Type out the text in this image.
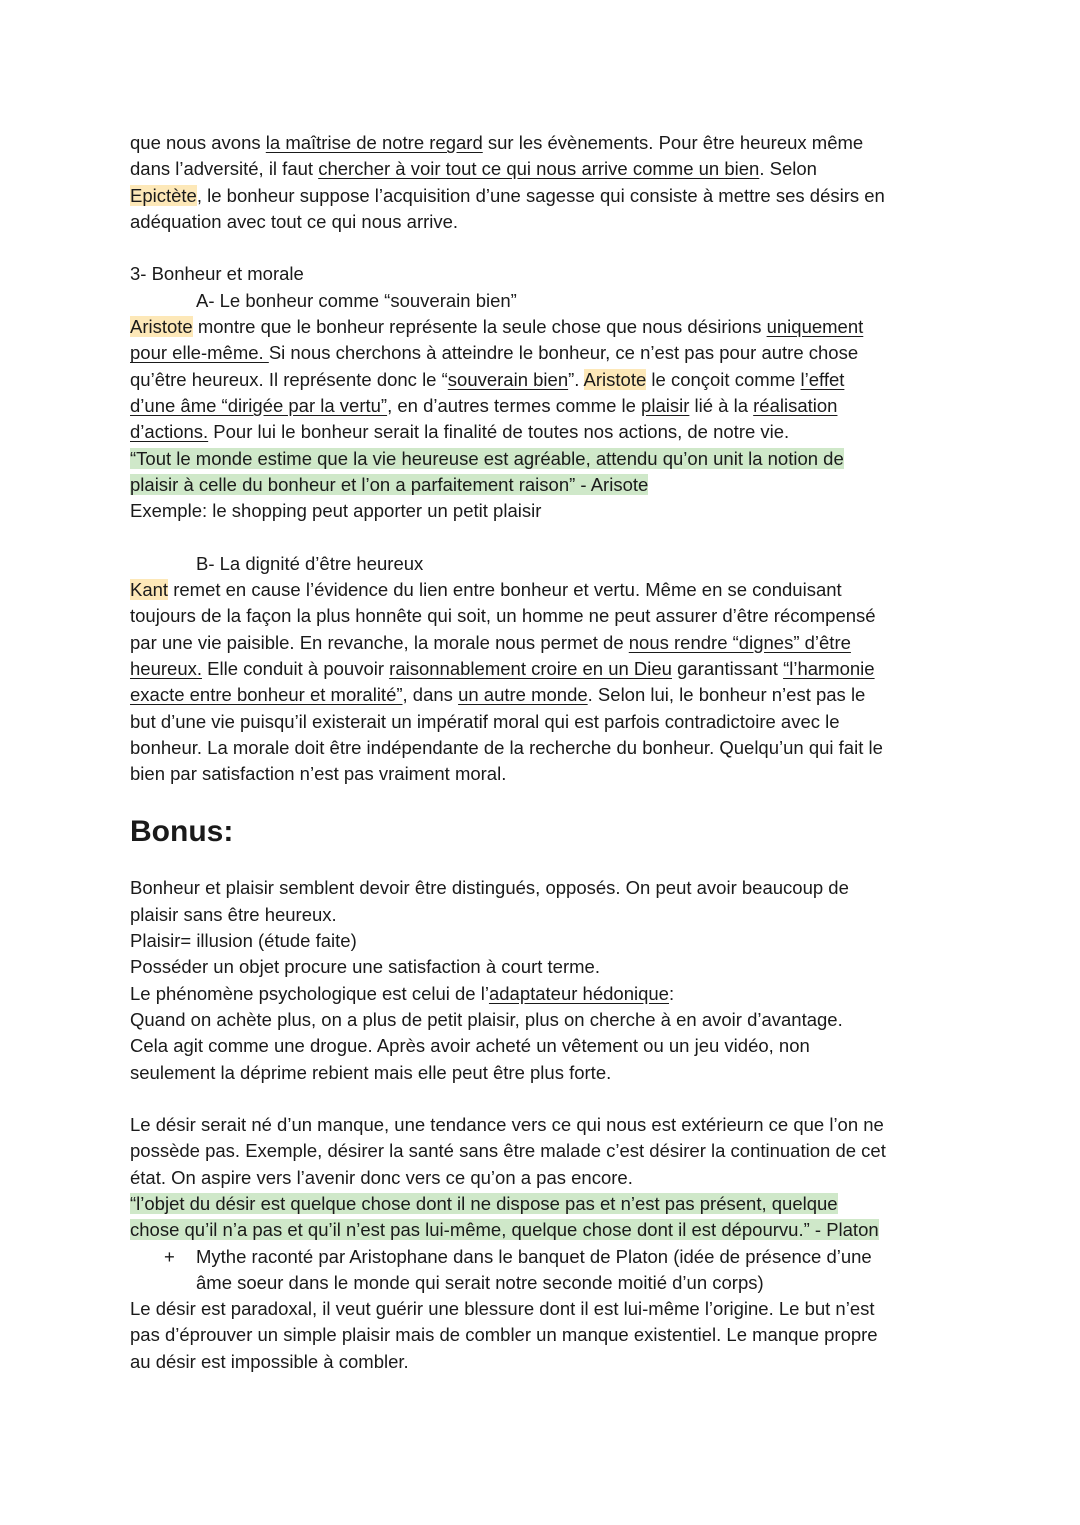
que nous avons la maîtrise de notre regard sur les évènements. Pour être heureux même
dans l’adversité, il faut chercher à voir tout ce qui nous arrive comme un bien. Selon
Epictète, le bonheur suppose l’acquisition d’une sagesse qui consiste à mettre ses désirs en
adéquation avec tout ce qui nous arrive.
3- Bonheur et morale
A- Le bonheur comme “souverain bien”
Aristote montre que le bonheur représente la seule chose que nous désirions uniquement
pour elle-même. Si nous cherchons à atteindre le bonheur, ce n’est pas pour autre chose
qu’être heureux. Il représente donc le “souverain bien”. Aristote le conçoit comme l’effet
d’une âme “dirigée par la vertu”, en d’autres termes comme le plaisir lié à la réalisation
d’actions. Pour lui le bonheur serait la finalité de toutes nos actions, de notre vie.
“Tout le monde estime que la vie heureuse est agréable, attendu qu’on unit la notion de
plaisir à celle du bonheur et l’on a parfaitement raison” - Arisote
Exemple: le shopping peut apporter un petit plaisir
B- La dignité d’être heureux
Kant remet en cause l’évidence du lien entre bonheur et vertu. Même en se conduisant
toujours de la façon la plus honnête qui soit, un homme ne peut assurer d’être récompensé
par une vie paisible. En revanche, la morale nous permet de nous rendre “dignes” d’être
heureux. Elle conduit à pouvoir raisonnablement croire en un Dieu garantissant “l’harmonie
exacte entre bonheur et moralité”, dans un autre monde. Selon lui, le bonheur n’est pas le
but d’une vie puisqu’il existerait un impératif moral qui est parfois contradictoire avec le
bonheur. La morale doit être indépendante de la recherche du bonheur. Quelqu’un qui fait le
bien par satisfaction n’est pas vraiment moral.
Bonus:
Bonheur et plaisir semblent devoir être distingués, opposés. On peut avoir beaucoup de
plaisir sans être heureux.
Plaisir= illusion (étude faite)
Posséder un objet procure une satisfaction à court terme.
Le phénomène psychologique est celui de l’adaptateur hédonique:
Quand on achète plus, on a plus de petit plaisir, plus on cherche à en avoir d’avantage.
Cela agit comme une drogue. Après avoir acheté un vêtement ou un jeu vidéo, non
seulement la déprime rebient mais elle peut être plus forte.
Le désir serait né d’un manque, une tendance vers ce qui nous est extérieurn ce que l’on ne
possède pas. Exemple, désirer la santé sans être malade c’est désirer la continuation de cet
état. On aspire vers l’avenir donc vers ce qu’on a pas encore.
“l’objet du désir est quelque chose dont il ne dispose pas et n’est pas présent, quelque
chose qu’il n’a pas et qu’il n’est pas lui-même, quelque chose dont il est dépourvu.” - Platon
+ Mythe raconté par Aristophane dans le banquet de Platon (idée de présence d’une
âme soeur dans le monde qui serait notre seconde moitié d’un corps)
Le désir est paradoxal, il veut guérir une blessure dont il est lui-même l’origine. Le but n’est
pas d’éprouver un simple plaisir mais de combler un manque existentiel. Le manque propre
au désir est impossible à combler.
